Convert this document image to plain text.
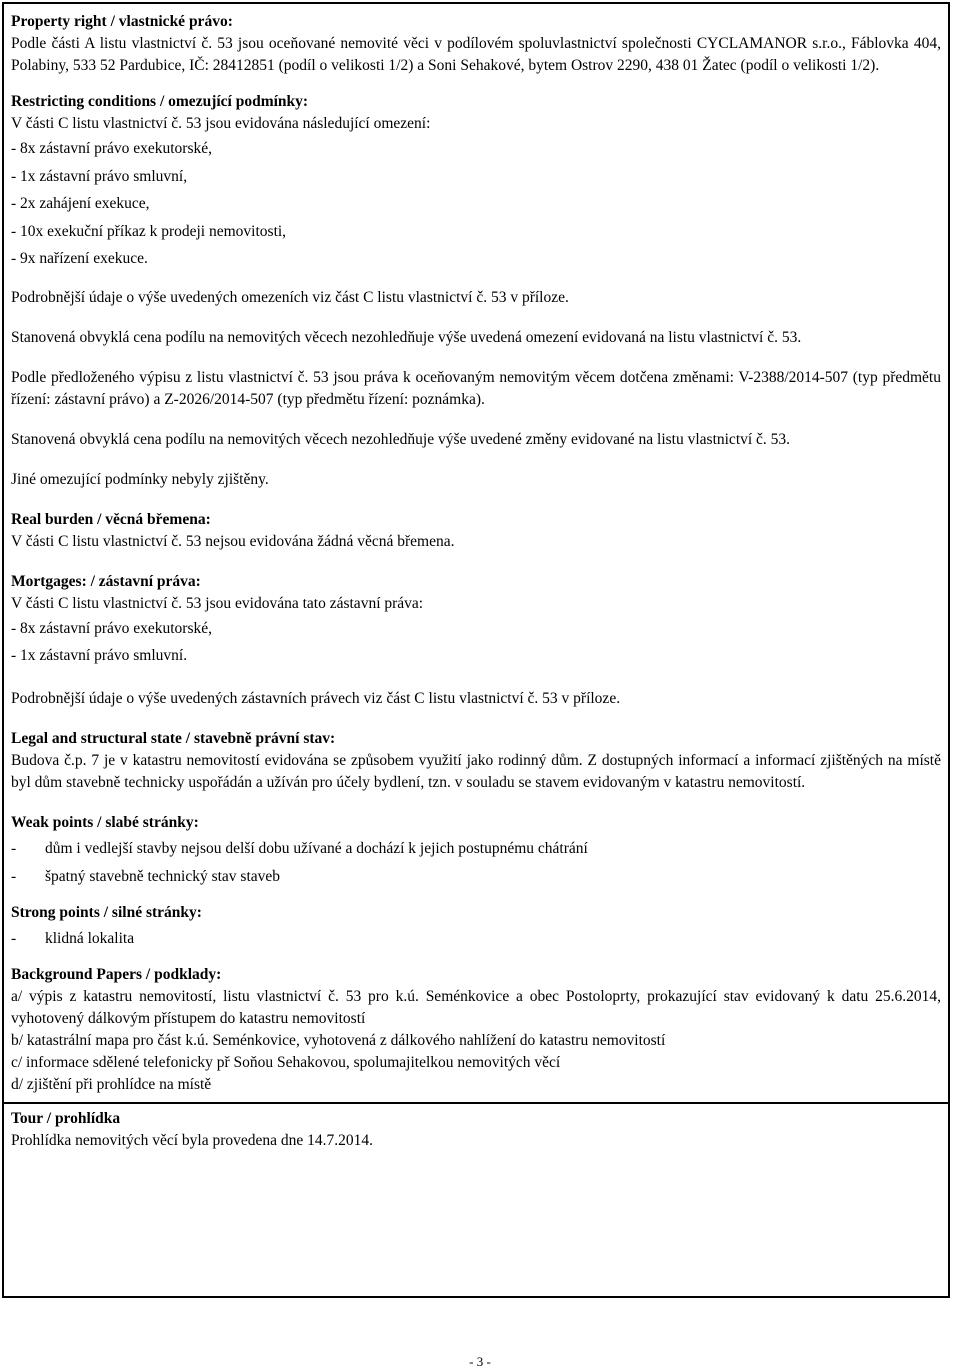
Property right / vlastnické právo:
Podle části A listu vlastnictví č. 53 jsou oceňované nemovité věci v podílovém spoluvlastnictví společnosti CYCLAMANOR s.r.o., Fáblovka 404, Polabiny, 533 52 Pardubice, IČ: 28412851 (podíl o velikosti 1/2) a Soni Sehakové, bytem Ostrov 2290, 438 01 Žatec (podíl o velikosti 1/2).
Restricting conditions / omezující podmínky:
V části C listu vlastnictví č. 53 jsou evidována následující omezení:
- 8x zástavní právo exekutorské,
- 1x zástavní právo smluvní,
- 2x zahájení exekuce,
- 10x exekuční příkaz k prodeji nemovitosti,
- 9x nařízení exekuce.

Podrobnější údaje o výše uvedených omezeních viz část C listu vlastnictví č. 53 v příloze.

Stanovená obvyklá cena podílu na nemovitých věcech nezohledňuje výše uvedená omezení evidovaná na listu vlastnictví č. 53.

Podle předloženého výpisu z listu vlastnictví č. 53 jsou práva k oceňovaným nemovitým věcem dotčena změnami: V-2388/2014-507 (typ předmětu řízení: zástavní právo) a Z-2026/2014-507 (typ předmětu řízení: poznámka).

Stanovená obvyklá cena podílu na nemovitých věcech nezohledňuje výše uvedené změny evidované na listu vlastnictví č. 53.

Jiné omezující podmínky nebyly zjištěny.

Real burden / věcná břemena:
V části C listu vlastnictví č. 53 nejsou evidována žádná věcná břemena.
Mortgages: / zástavní práva:
V části C listu vlastnictví č. 53 jsou evidována tato zástavní práva:
- 8x zástavní právo exekutorské,
- 1x zástavní právo smluvní.

Podrobnější údaje o výše uvedených zástavních právech viz část C listu vlastnictví č. 53 v příloze.

Legal and structural state / stavebně právní stav:
Budova č.p. 7 je v katastru nemovitostí evidována se způsobem využití jako rodinný dům. Z dostupných informací a informací zjištěných na místě byl dům stavebně technicky uspořádán a užíván pro účely bydlení, tzn. v souladu se stavem evidovaným v katastru nemovitostí.
Weak points / slabé stránky:
-	dům i vedlejší stavby nejsou delší dobu užívané a dochází k jejich postupnému chátrání
-	špatný stavebně technický stav staveb
Strong points / silné stránky:
-	klidná lokalita
Background Papers / podklady:
a/ výpis z katastru nemovitostí, listu vlastnictví č. 53 pro k.ú. Seménkovice a obec Postoloprty, prokazující stav evidovaný k datu 25.6.2014, vyhotovený dálkovým přístupem do katastru nemovitostí
b/ katastrální mapa pro část k.ú. Seménkovice, vyhotovená z dálkového nahlížení do katastru nemovitostí
c/ informace sdělené telefonicky př Soňou Sehakovou, spolumajitelkou nemovitých věcí
d/ zjištění při prohlídce na místě
Tour / prohlídka
Prohlídka nemovitých věcí byla provedena dne 14.7.2014.
- 3 -
